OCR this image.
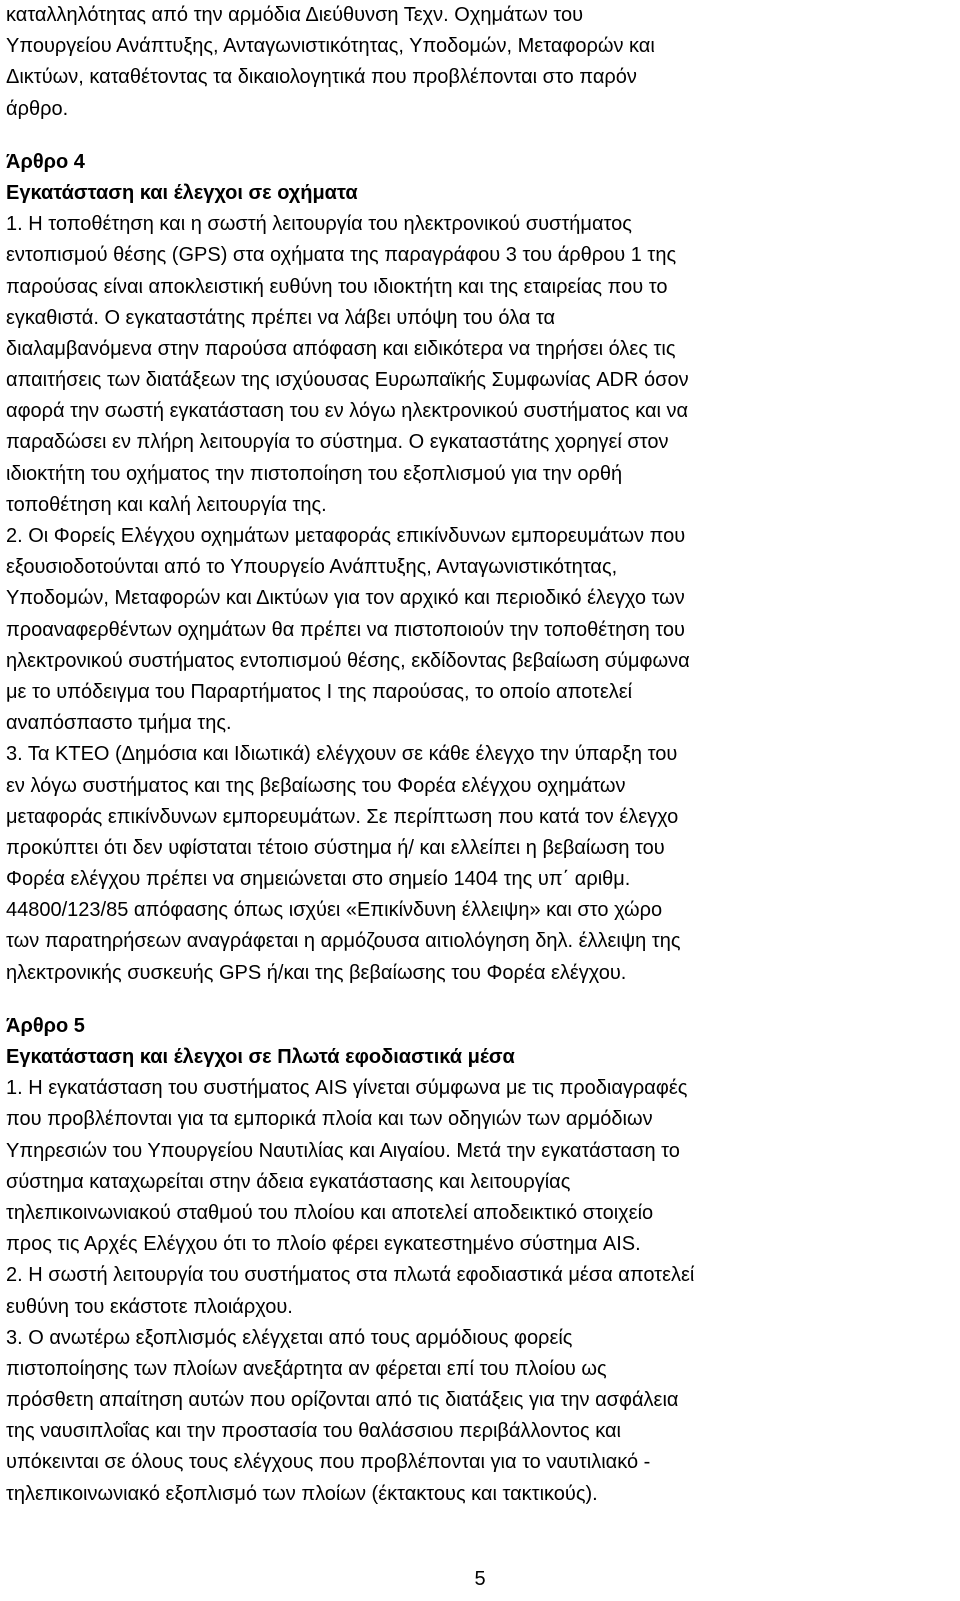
καταλληλότητας από την αρμόδια Διεύθυνση Τεχν. Οχημάτων του
Υπουργείου Ανάπτυξης, Ανταγωνιστικότητας, Υποδομών, Μεταφορών και
Δικτύων, καταθέτοντας τα δικαιολογητικά που προβλέπονται στο παρόν
άρθρο.
Άρθρο 4
Εγκατάσταση και έλεγχοι σε οχήματα
1. Η τοποθέτηση και η σωστή λειτουργία του ηλεκτρονικού συστήματος
εντοπισμού θέσης (GPS) στα οχήματα της παραγράφου 3 του άρθρου 1 της
παρούσας είναι αποκλειστική ευθύνη του ιδιοκτήτη και της εταιρείας που το
εγκαθιστά. Ο εγκαταστάτης πρέπει να λάβει υπόψη του όλα τα
διαλαμβανόμενα στην παρούσα απόφαση και ειδικότερα να τηρήσει όλες τις
απαιτήσεις των διατάξεων της ισχύουσας Ευρωπαϊκής Συμφωνίας ADR όσον
αφορά την σωστή εγκατάσταση του εν λόγω ηλεκτρονικού συστήματος και να
παραδώσει εν πλήρη λειτουργία το σύστημα. Ο εγκαταστάτης χορηγεί στον
ιδιοκτήτη του οχήματος την πιστοποίηση του εξοπλισμού για την ορθή
τοποθέτηση και καλή λειτουργία της.
2. Οι Φορείς Ελέγχου οχημάτων μεταφοράς επικίνδυνων εμπορευμάτων που
εξουσιοδοτούνται από το Υπουργείο Ανάπτυξης, Ανταγωνιστικότητας,
Υποδομών, Μεταφορών και Δικτύων για τον αρχικό και περιοδικό έλεγχο των
προαναφερθέντων οχημάτων θα πρέπει να πιστοποιούν την τοποθέτηση του
ηλεκτρονικού συστήματος εντοπισμού θέσης, εκδίδοντας βεβαίωση σύμφωνα
με το υπόδειγμα του Παραρτήματος Ι της παρούσας, το οποίο αποτελεί
αναπόσπαστο τμήμα της.
3. Τα ΚΤΕΟ (Δημόσια και Ιδιωτικά) ελέγχουν σε κάθε έλεγχο την ύπαρξη του
εν λόγω συστήματος και της βεβαίωσης του Φορέα ελέγχου οχημάτων
μεταφοράς επικίνδυνων εμπορευμάτων. Σε περίπτωση που κατά τον έλεγχο
προκύπτει ότι δεν υφίσταται τέτοιο σύστημα ή/ και ελλείπει η βεβαίωση του
Φορέα ελέγχου πρέπει να σημειώνεται στο σημείο 1404 της υπ΄ αριθμ.
44800/123/85 απόφασης όπως ισχύει «Επικίνδυνη έλλειψη» και στο χώρο
των παρατηρήσεων αναγράφεται η αρμόζουσα αιτιολόγηση δηλ. έλλειψη της
ηλεκτρονικής συσκευής GPS ή/και της βεβαίωσης του Φορέα ελέγχου.
Άρθρο 5
Εγκατάσταση και έλεγχοι σε Πλωτά εφοδιαστικά μέσα
1. Η εγκατάσταση του συστήματος AIS γίνεται σύμφωνα με τις προδιαγραφές
που προβλέπονται για τα εμπορικά πλοία και των οδηγιών των αρμόδιων
Υπηρεσιών του Υπουργείου Ναυτιλίας και Αιγαίου. Μετά την εγκατάσταση το
σύστημα καταχωρείται στην άδεια εγκατάστασης και λειτουργίας
τηλεπικοινωνιακού σταθμού του πλοίου και αποτελεί αποδεικτικό στοιχείο
προς τις Αρχές Ελέγχου ότι το πλοίο φέρει εγκατεστημένο σύστημα AIS.
2. Η σωστή λειτουργία του συστήματος στα πλωτά εφοδιαστικά μέσα αποτελεί
ευθύνη του εκάστοτε πλοιάρχου.
3. Ο ανωτέρω εξοπλισμός ελέγχεται από τους αρμόδιους φορείς
πιστοποίησης των πλοίων ανεξάρτητα αν φέρεται επί του πλοίου ως
πρόσθετη απαίτηση αυτών που ορίζονται από τις διατάξεις για την ασφάλεια
της ναυσιπλοΐας και την προστασία του θαλάσσιου περιβάλλοντος και
υπόκεινται σε όλους τους ελέγχους που προβλέπονται για το ναυτιλιακό -
τηλεπικοινωνιακό εξοπλισμό των πλοίων (έκτακτους και τακτικούς).
5
